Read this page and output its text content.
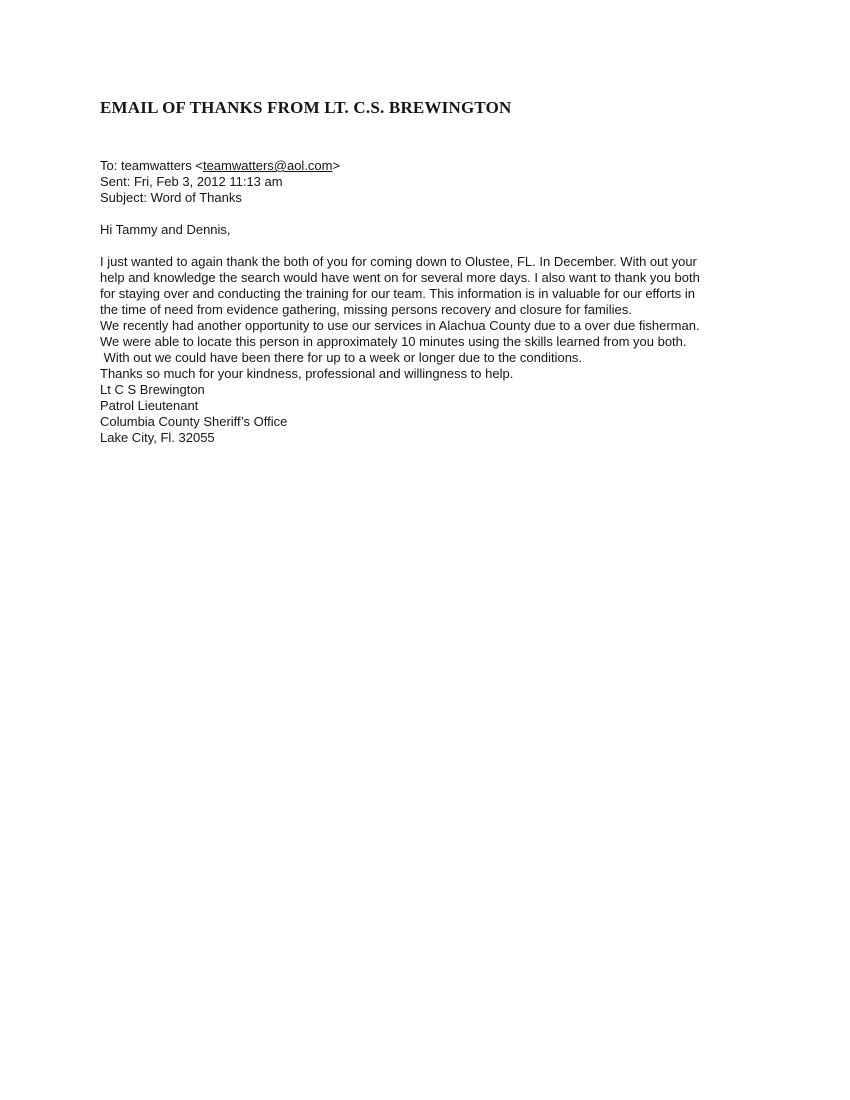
EMAIL OF THANKS FROM LT. C.S. BREWINGTON
To: teamwatters <teamwatters@aol.com>
Sent: Fri, Feb 3, 2012 11:13 am
Subject: Word of Thanks
Hi Tammy and Dennis,
I just wanted to again thank the both of you for coming down to Olustee, FL. In December. With out your
help and knowledge the search would have went on for several more days. I also want to thank you both
for staying over and conducting the training for our team. This information is in valuable for our efforts in
the time of need from evidence gathering, missing persons recovery and closure for families.
We recently had another opportunity to use our services in Alachua County due to a over due fisherman.
We were able to locate this person in approximately 10 minutes using the skills learned from you both.
With out we could have been there for up to a week or longer due to the conditions.
Thanks so much for your kindness, professional and willingness to help.
Lt C S Brewington
Patrol Lieutenant
Columbia County Sheriff’s Office
Lake City, Fl. 32055
